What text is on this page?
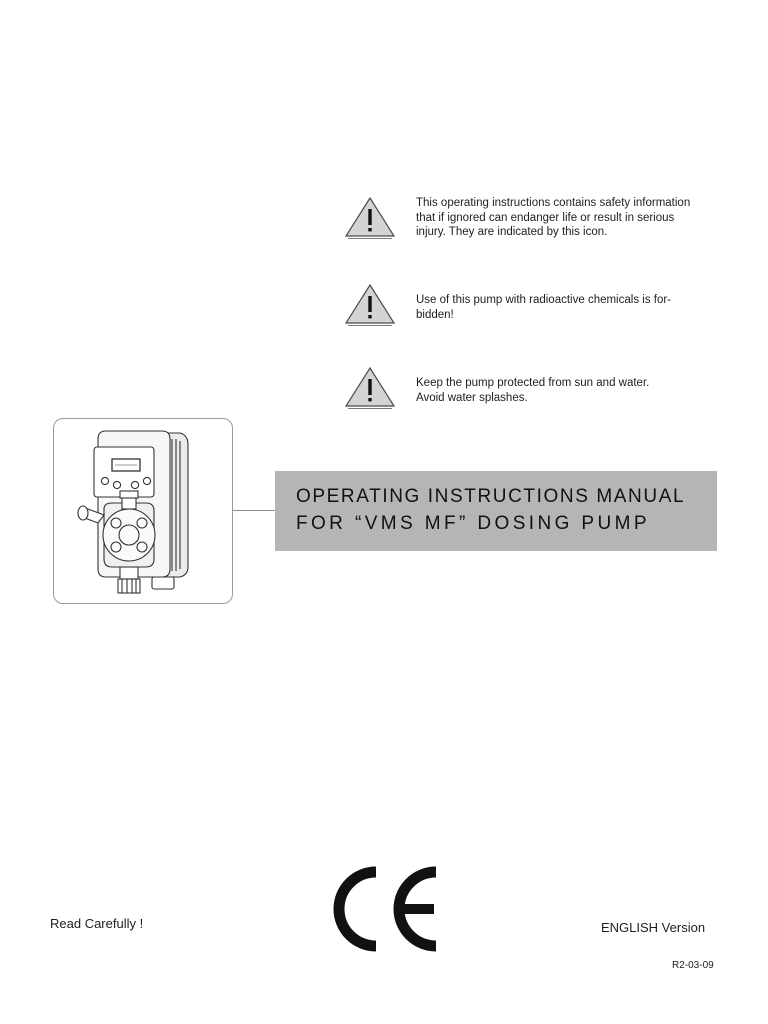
This operating instructions contains safety information
that if ignored can endanger life or result in serious
injury. They are indicated by this icon.
Use of this pump with radioactive chemicals is for-
bidden!
Keep the pump protected from sun and water.
Avoid water splashes.
OPERATING INSTRUCTIONS MANUAL
FOR “VMS MF” DOSING PUMP
Read Carefully !	ENGLISH Version
R2-03-09
